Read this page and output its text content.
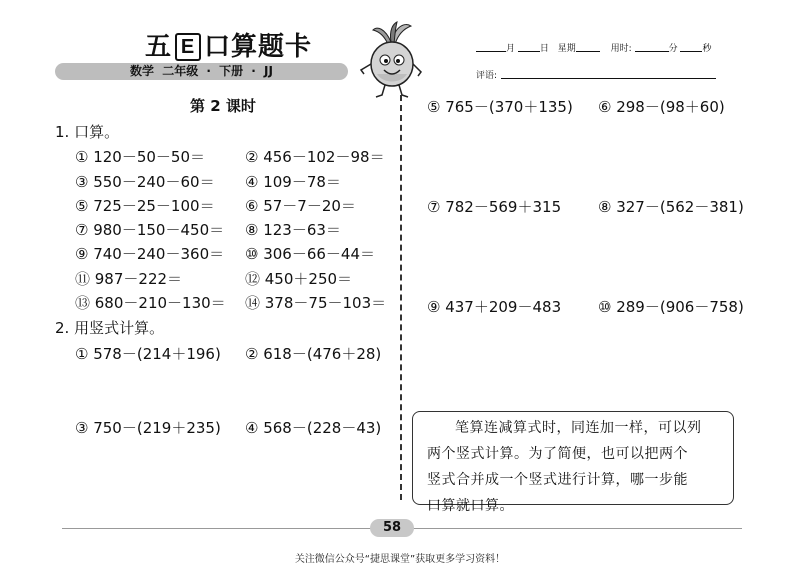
五 E 口算题卡
数学 二年级 · 下册 · JJ
月	日 星期	用时:	分	秒
评语:
第 2 课时
1. 口算。
① 120－50－50＝	② 456－102－98＝
③ 550－240－60＝ ④ 109－78＝
⑤ 725－25－100＝ ⑥ 57－7－20＝
⑦ 980－150－450＝ ⑧ 123－63＝
⑨ 740－240－360＝ ⑩ 306－66－44＝
⑪ 987－222＝	⑫ 450＋250＝
⑬ 680－210－130＝ ⑭ 378－75－103＝
2. 用竖式计算。
① 578－(214＋196) ② 618－(476＋28)
③ 750－(219＋235) ④ 568－(228－43)
⑤ 765－(370＋135) ⑥ 298－(98＋60)
⑦ 782－569＋315 ⑧ 327－(562－381)
⑨ 437＋209－483 ⑩ 289－(906－758)
笔算连减算式时，同连加一样，可以列
两个竖式计算。为了简便，也可以把两个
竖式合并成一个竖式进行计算，哪一步能
口算就口算。
58
关注微信公众号“捷思课堂”获取更多学习资料！
